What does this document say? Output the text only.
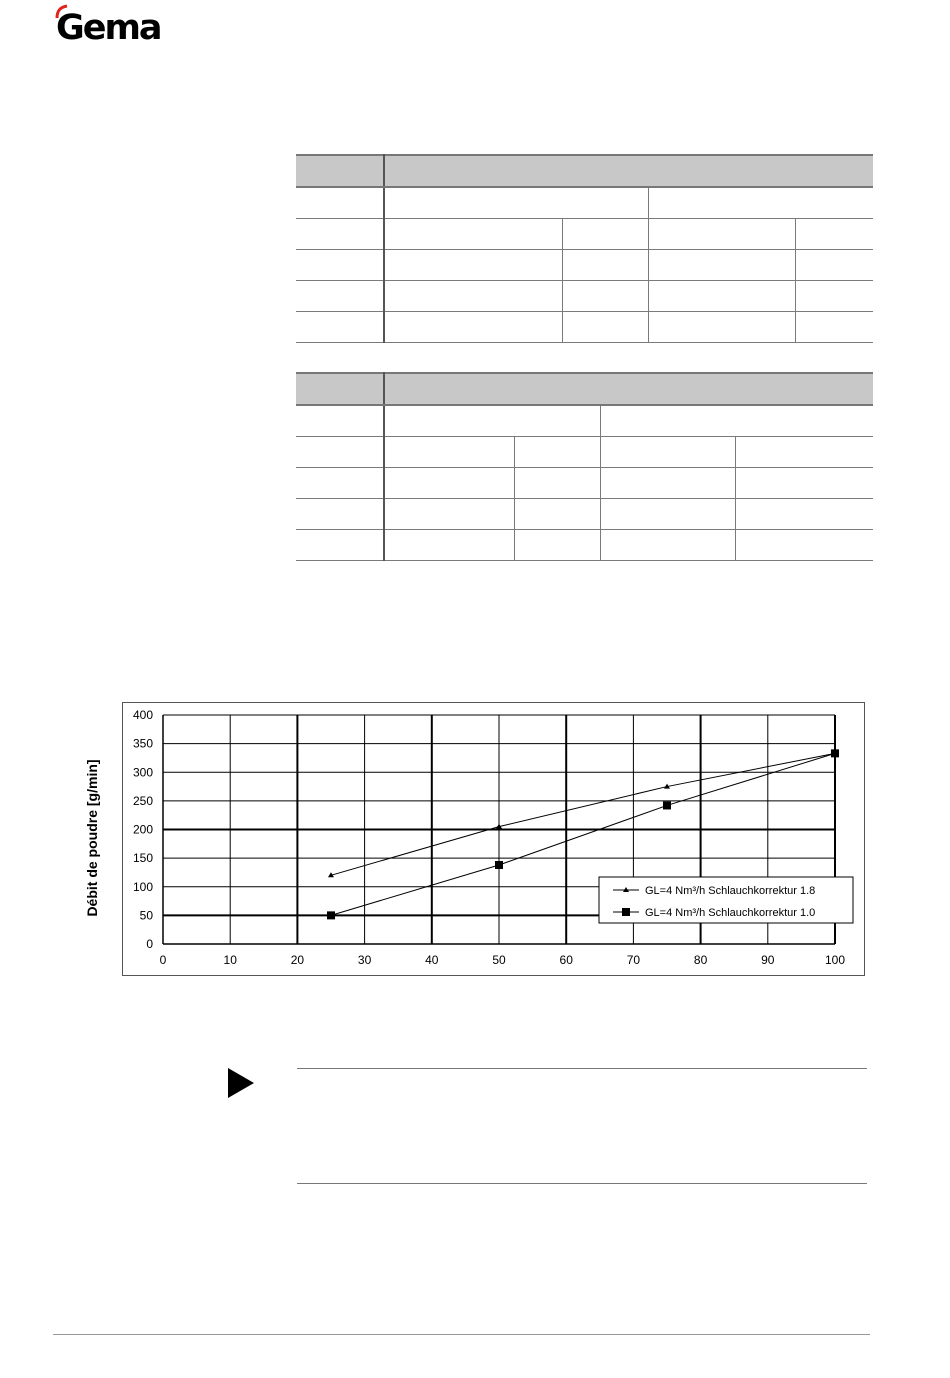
Gema

Débit de poudre [g/min]
0	10	20	30	40	50	60	70	80	90	100
0
50
100
150
200
250
300
350
400
GL=4 Nm³/h Schlauchkorrektur 1.8
GL=4 Nm³/h Schlauchkorrektur 1.0
